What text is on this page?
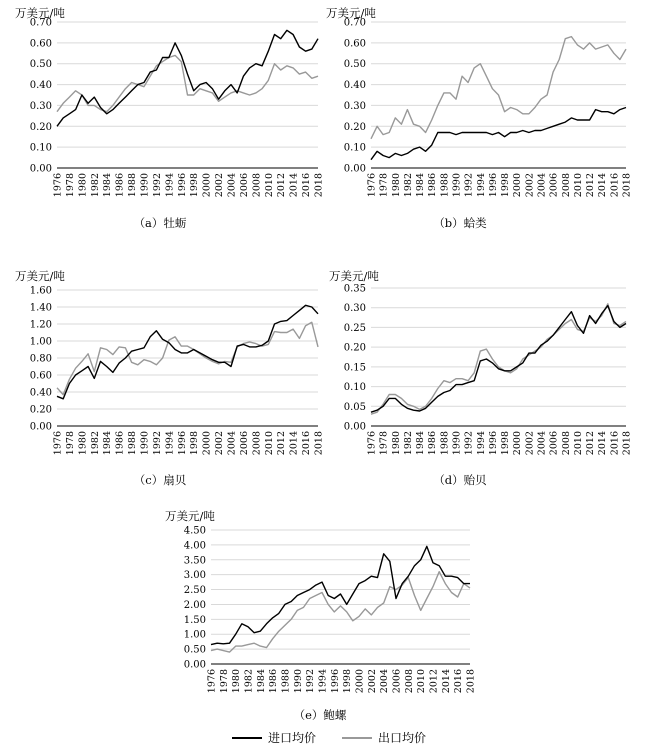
万美元/吨
0.00
0.10
0.20
0.30
0.40
0.50
0.60
0.70
1976 1978 1980 1982 1984 1986 1988 1990 1992 1994 1996 1998 2000 2002 2004 2006 2008 2010 2012 2014 2016 2018
（a）牡蛎
万美元/吨
0.00
0.10
0.20
0.30
0.40
0.50
0.60
0.70
1976 1978 1980 1982 1984 1986 1988 1990 1992 1994 1996 1998 2000 2002 2004 2006 2008 2010 2012 2014 2016 2018
（b）蛤类
万美元/吨
0.00
0.20
0.40
0.60
0.80
1.00
1.20
1.40
1.60
1976 1978 1980 1982 1984 1986 1988 1990 1992 1994 1996 1998 2000 2002 2004 2006 2008 2010 2012 2014 2016 2018
（c）扇贝
万美元/吨
0.00
0.05
0.10
0.15
0.20
0.25
0.30
0.35
1976 1978 1980 1982 1984 1986 1988 1990 1992 1994 1996 1998 2000 2002 2004 2006 2008 2010 2012 2014 2016 2018
（d）贻贝
万美元/吨
0.00
0.50
1.00
1.50
2.00
2.50
3.00
3.50
4.00
4.50
1976 1978 1980 1982 1984 1986 1988 1990 1992 1994 1996 1998 2000 2002 2004 2006 2008 2010 2012 2014 2016 2018
（e）鲍螺
进口均价	出口均价
